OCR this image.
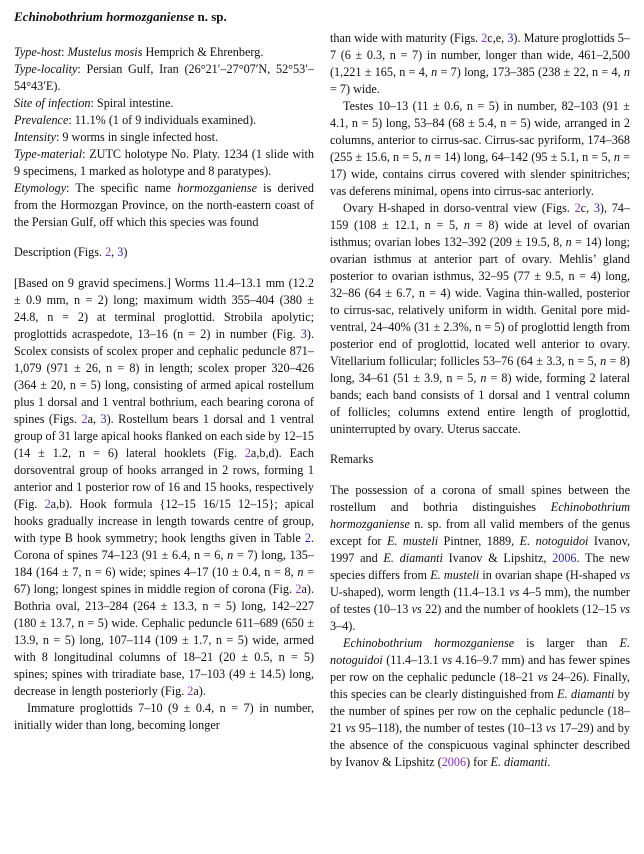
Echinobothrium hormozganiense n. sp.

Type-host: Mustelus mosis Hemprich & Ehrenberg.

Type-locality: Persian Gulf, Iran (26°21′–27°07′N, 52°53′–54°43′E).

Site of infection: Spiral intestine.

Prevalence: 11.1% (1 of 9 individuals examined).

Intensity: 9 worms in single infected host.

Type-material: ZUTC holotype No. Platy. 1234 (1 slide with 9 specimens, 1 marked as holotype and 8 paratypes).

Etymology: The specific name hormozganiense is derived from the Hormozgan Province, on the north-eastern coast of the Persian Gulf, off which this species was found

Description (Figs. 2, 3)

[Based on 9 gravid specimens.] Worms 11.4–13.1 mm (12.2 ± 0.9 mm, n = 2) long; maximum width 355–404 (380 ± 24.8, n = 2) at terminal proglottid. Strobila apolytic; proglottids acraspedote, 13–16 (n = 2) in number (Fig. 3). Scolex consists of scolex proper and cephalic peduncle 871–1,079 (971 ± 26, n = 8) in length; scolex proper 320–426 (364 ± 20, n = 5) long, consisting of armed apical rostellum plus 1 dorsal and 1 ventral bothrium, each bearing corona of spines (Figs. 2a, 3). Rostellum bears 1 dorsal and 1 ventral group of 31 large apical hooks flanked on each side by 12–15 (14 ± 1.2, n = 6) lateral hooklets (Fig. 2a,b,d). Each dorsoventral group of hooks arranged in 2 rows, forming 1 anterior and 1 posterior row of 16 and 15 hooks, respectively (Fig. 2a,b). Hook formula {12–15 16/15 12–15}; apical hooks gradually increase in length towards centre of group, with type B hook symmetry; hook lengths given in Table 2. Corona of spines 74–123 (91 ± 6.4, n = 6, n = 7) long, 135–184 (164 ± 7, n = 6) wide; spines 4–17 (10 ± 0.4, n = 8, n = 67) long; longest spines in middle region of corona (Fig. 2a). Bothria oval, 213–284 (264 ± 13.3, n = 5) long, 142–227 (180 ± 13.7, n = 5) wide. Cephalic peduncle 611–689 (650 ± 13.9, n = 5) long, 107–114 (109 ± 1.7, n = 5) wide, armed with 8 longitudinal columns of 18–21 (20 ± 0.5, n = 5) spines; spines with triradiate base, 17–103 (49 ± 14.5) long, decrease in length posteriorly (Fig. 2a).

Immature proglottids 7–10 (9 ± 0.4, n = 7) in number, initially wider than long, becoming longer

than wide with maturity (Figs. 2c,e, 3). Mature proglottids 5–7 (6 ± 0.3, n = 7) in number, longer than wide, 461–2,500 (1,221 ± 165, n = 4, n = 7) long, 173–385 (238 ± 22, n = 4, n = 7) wide.

Testes 10–13 (11 ± 0.6, n = 5) in number, 82–103 (91 ± 4.1, n = 5) long, 53–84 (68 ± 5.4, n = 5) wide, arranged in 2 columns, anterior to cirrus-sac. Cirrus-sac pyriform, 174–368 (255 ± 15.6, n = 5, n = 14) long, 64–142 (95 ± 5.1, n = 5, n = 17) wide, contains cirrus covered with slender spinitriches; vas deferens minimal, opens into cirrus-sac anteriorly.

Ovary H-shaped in dorso-ventral view (Figs. 2c, 3), 74–159 (108 ± 12.1, n = 5, n = 8) wide at level of ovarian isthmus; ovarian lobes 132–392 (209 ± 19.5, 8, n = 14) long; ovarian isthmus at anterior part of ovary. Mehlis’ gland posterior to ovarian isthmus, 32–95 (77 ± 9.5, n = 4) long, 32–86 (64 ± 6.7, n = 4) wide. Vagina thin-walled, posterior to cirrus-sac, relatively uniform in width. Genital pore mid-ventral, 24–40% (31 ± 2.3%, n = 5) of proglottid length from posterior end of proglottid, located well anterior to ovary. Vitellarium follicular; follicles 53–76 (64 ± 3.3, n = 5, n = 8) long, 34–61 (51 ± 3.9, n = 5, n = 8) wide, forming 2 lateral bands; each band consists of 1 dorsal and 1 ventral column of follicles; columns extend entire length of proglottid, uninterrupted by ovary. Uterus saccate.

Remarks

The possession of a corona of small spines between the rostellum and bothria distinguishes Echinobothrium hormozganiense n. sp. from all valid members of the genus except for E. musteli Pintner, 1889, E. notoguidoi Ivanov, 1997 and E. diamanti Ivanov & Lipshitz, 2006. The new species differs from E. musteli in ovarian shape (H-shaped vs U-shaped), worm length (11.4–13.1 vs 4–5 mm), the number of testes (10–13 vs 22) and the number of hooklets (12–15 vs 3–4).

Echinobothrium hormozganiense is larger than E. notoguidoi (11.4–13.1 vs 4.16–9.7 mm) and has fewer spines per row on the cephalic peduncle (18–21 vs 24–26). Finally, this species can be clearly distinguished from E. diamanti by the number of spines per row on the cephalic peduncle (18–21 vs 95–118), the number of testes (10–13 vs 17–29) and by the absence of the conspicuous vaginal sphincter described by Ivanov & Lipshitz (2006) for E. diamanti.
